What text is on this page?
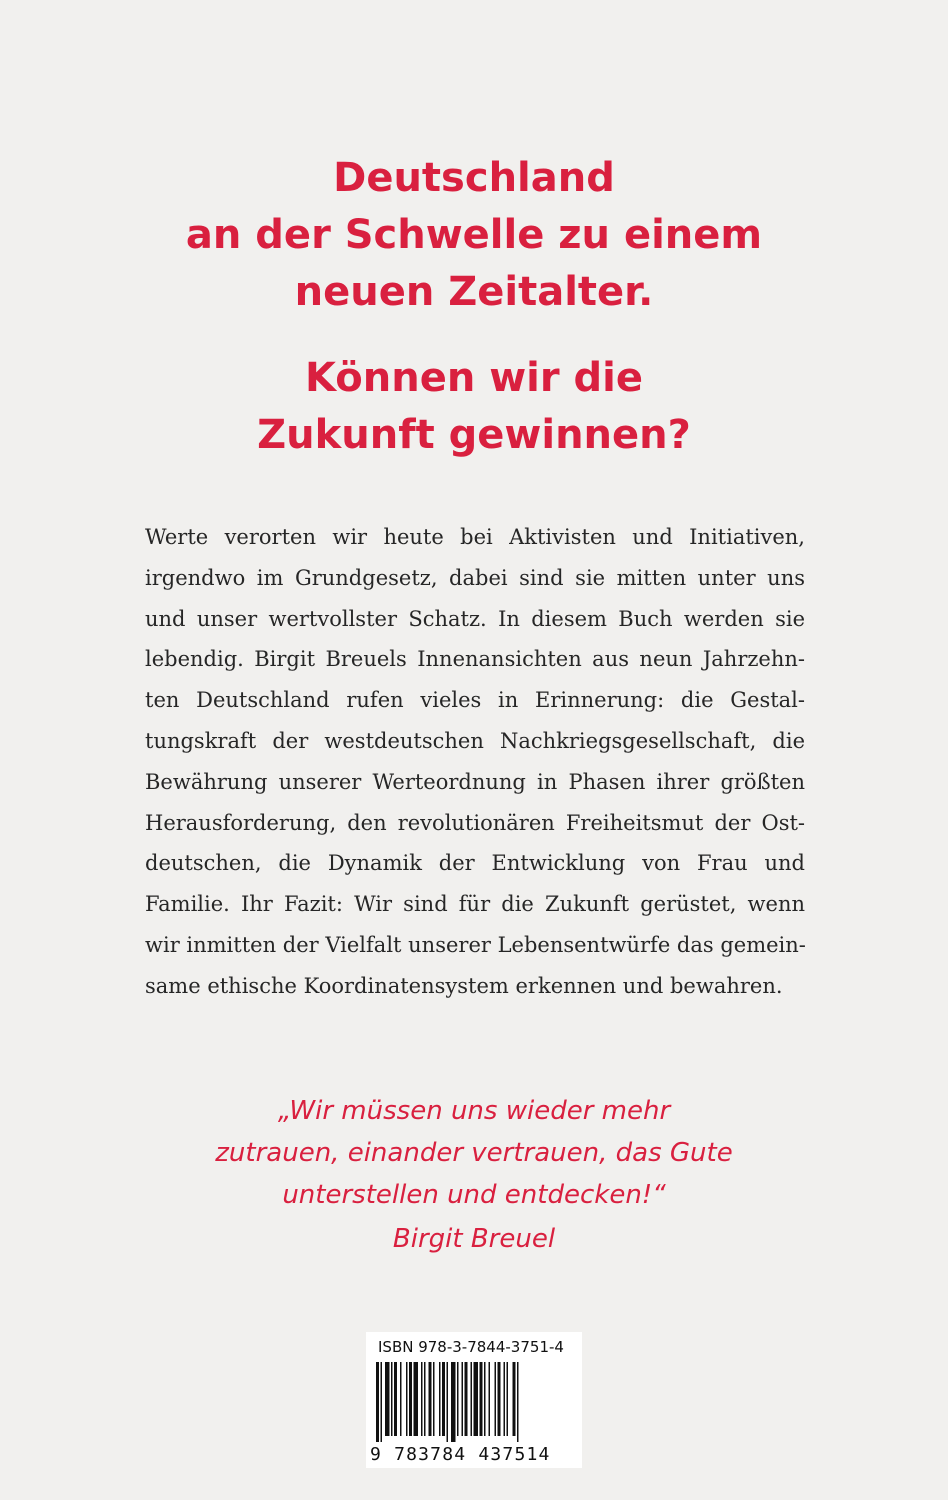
Deutschland
an der Schwelle zu einem
neuen Zeitalter.
Können wir die
Zukunft gewinnen?

Werte verorten wir heute bei Aktivisten und Initiativen,
irgendwo im Grundgesetz, dabei sind sie mitten unter uns
und unser wertvollster Schatz. In diesem Buch werden sie
lebendig. Birgit Breuels Innenansichten aus neun Jahrzehn-
ten Deutschland rufen vieles in Erinnerung: die Gestal-
tungskraft der westdeutschen Nachkriegsgesellschaft, die
Bewährung unserer Werteordnung in Phasen ihrer größten
Herausforderung, den revolutionären Freiheitsmut der Ost-
deutschen, die Dynamik der Entwicklung von Frau und
Familie. Ihr Fazit: Wir sind für die Zukunft gerüstet, wenn
wir inmitten der Vielfalt unserer Lebensentwürfe das gemein-
same ethische Koordinatensystem erkennen und bewahren.

„Wir müssen uns wieder mehr
zutrauen, einander vertrauen, das Gute
unterstellen und entdecken!“
Birgit Breuel
ISBN 978-3-7844-3751-4
9 783784 437514
